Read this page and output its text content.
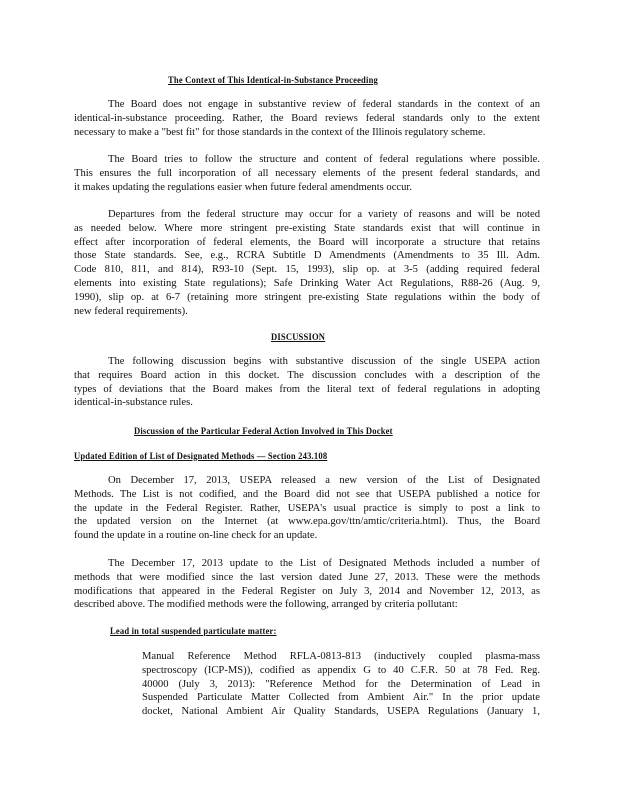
The Context of This Identical-in-Substance Proceeding
The Board does not engage in substantive review of federal standards in the context of an
identical-in-substance proceeding. Rather, the Board reviews federal standards only to the extent
necessary to make a "best fit" for those standards in the context of the Illinois regulatory scheme.
The Board tries to follow the structure and content of federal regulations where possible.
This ensures the full incorporation of all necessary elements of the present federal standards, and
it makes updating the regulations easier when future federal amendments occur.
Departures from the federal structure may occur for a variety of reasons and will be noted
as needed below. Where more stringent pre-existing State standards exist that will continue in
effect after incorporation of federal elements, the Board will incorporate a structure that retains
those State standards. See, e.g., RCRA Subtitle D Amendments (Amendments to 35 Ill. Adm.
Code 810, 811, and 814), R93-10 (Sept. 15, 1993), slip op. at 3-5 (adding required federal
elements into existing State regulations); Safe Drinking Water Act Regulations, R88-26 (Aug. 9,
1990), slip op. at 6-7 (retaining more stringent pre-existing State regulations within the body of
new federal requirements).
DISCUSSION
The following discussion begins with substantive discussion of the single USEPA action
that requires Board action in this docket. The discussion concludes with a description of the
types of deviations that the Board makes from the literal text of federal regulations in adopting
identical-in-substance rules.
Discussion of the Particular Federal Action Involved in This Docket
Updated Edition of List of Designated Methods — Section 243.108
On December 17, 2013, USEPA released a new version of the List of Designated
Methods. The List is not codified, and the Board did not see that USEPA published a notice for
the update in the Federal Register. Rather, USEPA's usual practice is simply to post a link to
the updated version on the Internet (at www.epa.gov/ttn/amtic/criteria.html). Thus, the Board
found the update in a routine on-line check for an update.
The December 17, 2013 update to the List of Designated Methods included a number of
methods that were modified since the last version dated June 27, 2013. These were the methods
modifications that appeared in the Federal Register on July 3, 2014 and November 12, 2013, as
described above. The modified methods were the following, arranged by criteria pollutant:
Lead in total suspended particulate matter:
Manual Reference Method RFLA-0813-813 (inductively coupled plasma-mass
spectroscopy (ICP-MS)), codified as appendix G to 40 C.F.R. 50 at 78 Fed. Reg.
40000 (July 3, 2013): "Reference Method for the Determination of Lead in
Suspended Particulate Matter Collected from Ambient Air." In the prior update
docket, National Ambient Air Quality Standards, USEPA Regulations (January 1,
